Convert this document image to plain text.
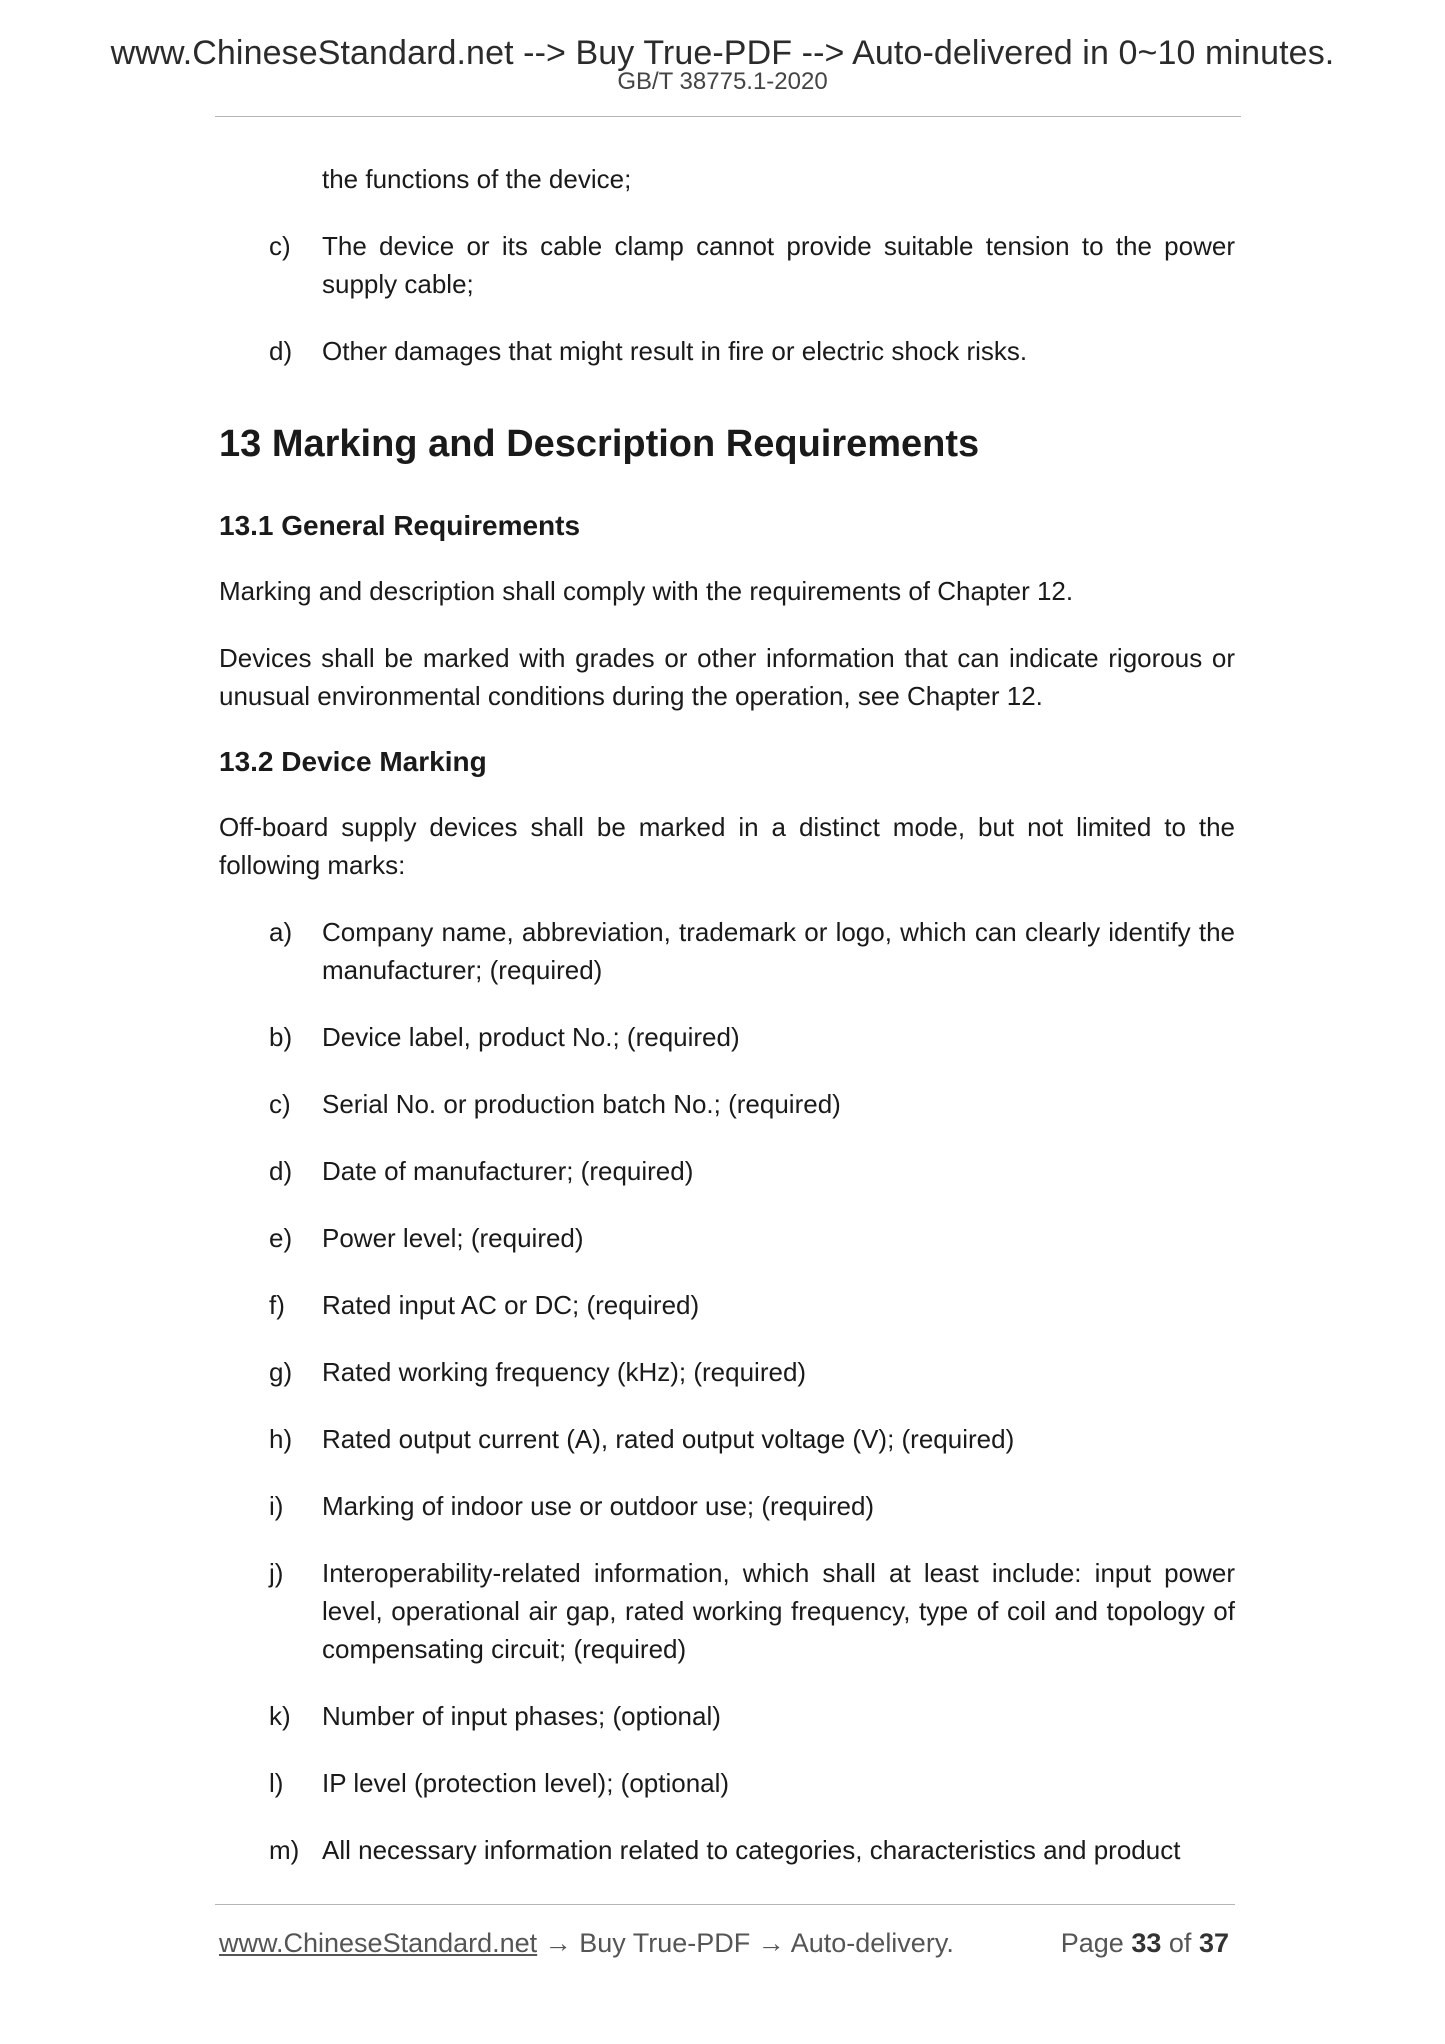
www.ChineseStandard.net --> Buy True-PDF --> Auto-delivered in 0~10 minutes.
GB/T 38775.1-2020

the functions of the device;

c) The device or its cable clamp cannot provide suitable tension to the power supply cable;
d) Other damages that might result in fire or electric shock risks.
13 Marking and Description Requirements
13.1 General Requirements

Marking and description shall comply with the requirements of Chapter 12.

Devices shall be marked with grades or other information that can indicate rigorous or unusual environmental conditions during the operation, see Chapter 12.

13.2 Device Marking

Off-board supply devices shall be marked in a distinct mode, but not limited to the following marks:

a) Company name, abbreviation, trademark or logo, which can clearly identify the manufacturer; (required)
b) Device label, product No.; (required)
c) Serial No. or production batch No.; (required)
d) Date of manufacturer; (required)
e) Power level; (required)
f) Rated input AC or DC; (required)
g) Rated working frequency (kHz); (required)
h) Rated output current (A), rated output voltage (V); (required)
i) Marking of indoor use or outdoor use; (required)
j) Interoperability-related information, which shall at least include: input power level, operational air gap, rated working frequency, type of coil and topology of compensating circuit; (required)
k) Number of input phases; (optional)
l) IP level (protection level); (optional)
m) All necessary information related to categories, characteristics and product
www.ChineseStandard.net → Buy True-PDF → Auto-delivery.	Page 33 of 37
